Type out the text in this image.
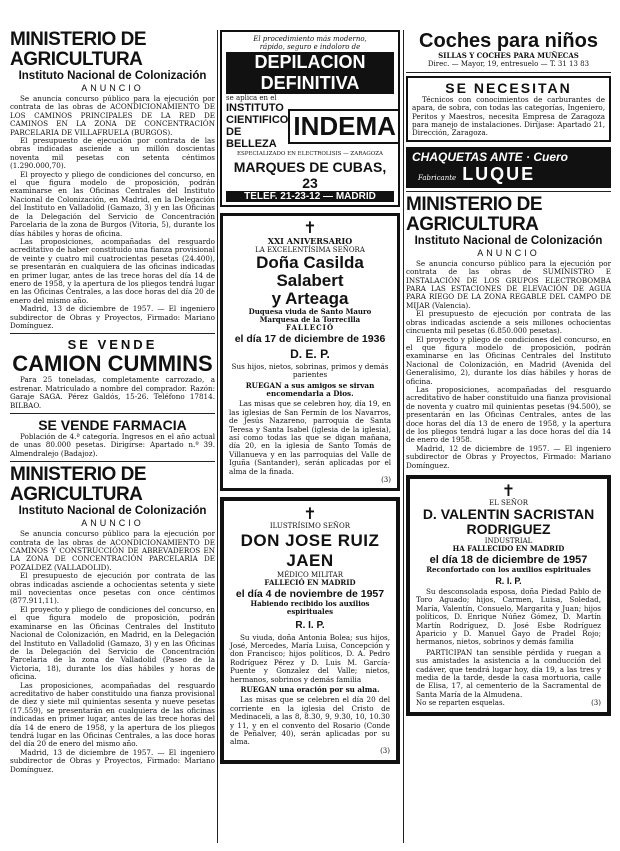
MINISTERIO DE AGRICULTURA
Instituto Nacional de Colonización
ANUNCIO

Se anuncia concurso público para la ejecución por contrata de las obras de ACONDICIONAMIENTO DE LOS CAMINOS PRINCIPALES DE LA RED DE CAMINOS EN LA ZONA DE CONCENTRACIÓN PARCELARIA DE VILLAFRUELA (BURGOS).

El presupuesto de ejecución por contrata de las obras indicadas asciende a un millón doscientas noventa mil pesetas con setenta céntimos (1.290.000,70).

El proyecto y pliego de condiciones del concurso, en el que figura modelo de proposición, podrán examinarse en las Oficinas Centrales del Instituto Nacional de Colonización, en Madrid, en la Delegación del Instituto en Valladolid (Gamazo, 3) y en las Oficinas de la Delegación del Servicio de Concentración Parcelaria de la zona de Burgos (Vitoria, 5), durante los días hábiles y horas de oficina.

Las proposiciones, acompañadas del resguardo acreditativo de haber constituido una fianza provisional de veinte y cuatro mil cuatrocientas pesetas (24.400), se presentarán en cualquiera de las oficinas indicadas en primer lugar, antes de las trece horas del día 14 de enero de 1958, y la apertura de los pliegos tendrá lugar en las Oficinas Centrales, a las doce horas del día 20 de enero del mismo año.

Madrid, 13 de diciembre de 1957. — El ingeniero subdirector de Obras y Proyectos, Firmado: Mariano Domínguez.

SE VENDE
CAMION CUMMINS

Para 25 toneladas, completamente carrozado, a estrenar. Matriculado a nombre del comprador. Razón: Garaje SAGA. Pérez Galdós, 15-26. Teléfono 17814. BILBAO.

SE VENDE FARMACIA

Población de 4.ª categoría. Ingresos en el año actual de unas 80.000 pesetas. Dirigirse: Apartado n.º 39. Almendralejo (Badajoz).

MINISTERIO DE AGRICULTURA
Instituto Nacional de Colonización
ANUNCIO

Se anuncia concurso público para la ejecución por contrata de las obras de ACONDICIONAMIENTO DE CAMINOS Y CONSTRUCCIÓN DE ABREVADEROS EN LA ZONA DE CONCENTRACIÓN PARCELARIA DE POZALDEZ (VALLADOLID).

El presupuesto de ejecución por contrata de las obras indicadas asciende a ochocientas setenta y siete mil novecientas once pesetas con once céntimos (877.911,11).

El proyecto y pliego de condiciones del concurso, en el que figura modelo de proposición, podrán examinarse en las Oficinas Centrales del Instituto Nacional de Colonización, en Madrid, en la Delegación del Instituto en Valladolid (Gamazo, 3) y en las Oficinas de la Delegación del Servicio de Concentración Parcelaria de la zona de Valladolid (Paseo de la Victoria, 18), durante los días hábiles y horas de oficina.

Las proposiciones, acompañadas del resguardo acreditativo de haber constituido una fianza provisional de diez y siete mil quinientas sesenta y nueve pesetas (17.559), se presentarán en cualquiera de las oficinas indicadas en primer lugar, antes de las trece horas del día 14 de enero de 1958, y la apertura de los pliegos tendrá lugar en las Oficinas Centrales, a las doce horas del día 20 de enero del mismo año.

Madrid, 13 de diciembre de 1957. — El ingeniero subdirector de Obras y Proyectos, Firmado: Mariano Domínguez.

El procedimiento más moderno,
rápido, seguro e indoloro de
DEPILACION DEFINITIVA
se aplica en el
INSTITUTO
CIENTIFICO
DE BELLEZA
INDEMA
ESPECIALIZADO EN ELECTROLISIS — ZARAGOZA
MARQUES DE CUBAS, 23
TELEF. 21-23-12 — MADRID
✝
XXI ANIVERSARIO
LA EXCELENTÍSIMA SEÑORA
Doña Casilda Salabert
y Arteaga
Duquesa viuda de Santo Mauro
Marquesa de la Torrecilla
FALLECIÓ
el día 17 de diciembre de 1936
D. E. P.

Sus hijos, nietos, sobrinas, primos y demás parientes

RUEGAN a sus amigos se sirvan encomendarla a Dios.

Las misas que se celebren hoy, día 19, en las iglesias de San Fermín de los Navarros, de Jesús Nazareno, parroquia de Santa Teresa y Santa Isabel (iglesia de la iglesia), así como todas las que se digan mañana, día 20, en la iglesia de Santo Tomás de Villanueva y en las parroquias del Valle de Iguña (Santander), serán aplicadas por el alma de la finada.

(3)
✝
ILUSTRÍSIMO SEÑOR
DON JOSE RUIZ JAEN
MÉDICO MILITAR
FALLECIÓ EN MADRID
el día 4 de noviembre de 1957
Habiendo recibido los auxilios espirituales
R. I. P.

Su viuda, doña Antonia Bolea; sus hijos, José, Mercedes, María Luisa, Concepción y don Francisco; hijos políticos, D. A. Pedro Rodríguez Pérez y D. Luis M. García-Puente y Gonzalez del Valle; nietos, hermanos, sobrinos y demás familia

RUEGAN una oración por su alma.

Las misas que se celebren el día 20 del corriente en la iglesia del Cristo de Medinaceli, a las 8, 8.30, 9, 9.30, 10, 10.30 y 11, y en el convento del Rosario (Conde de Peñalver, 40), serán aplicadas por su alma.

(3)
Coches para niños
SILLAS Y COCHES PARA MUÑECAS
Direc. — Mayor, 19, entresuelo — T. 31 13 83
SE NECESITAN

Técnicos con conocimientos de carburantes de apara, de sobra, con todas las categorías, Ingeniero, Peritos y Maestros, necesita Empresa de Zaragoza para manejo de instalaciones. Diríjase: Apartado 21, Dirección, Zaragoza.

CHAQUETAS ANTE · Cuero
Fabricante LUQUE
MINISTERIO DE AGRICULTURA
Instituto Nacional de Colonización
ANUNCIO

Se anuncia concurso público para la ejecución por contrata de las obras de SUMINISTRO E INSTALACIÓN DE LOS GRUPOS ELECTROBOMBA PARA LAS ESTACIONES DE ELEVACIÓN DE AGUA PARA RIEGO DE LA ZONA REGABLE DEL CAMPO DE MIJAR (Valencia).

El presupuesto de ejecución por contrata de las obras indicadas asciende a seis millones ochocientas cincuenta mil pesetas (6.850.000 pesetas).

El proyecto y pliego de condiciones del concurso, en el que figura modelo de proposición, podrán examinarse en las Oficinas Centrales del Instituto Nacional de Colonización, en Madrid (Avenida del Generalísimo, 2), durante los días hábiles y horas de oficina.

Las proposiciones, acompañadas del resguardo acreditativo de haber constituido una fianza provisional de noventa y cuatro mil quinientas pesetas (94.500), se presentarán en las Oficinas Centrales, antes de las doce horas del día 13 de enero de 1958, y la apertura de los pliegos tendrá lugar a las doce horas del día 14 de enero de 1958.

Madrid, 12 de diciembre de 1957. — El ingeniero subdirector de Obras y Proyectos, Firmado: Mariano Domínguez.

✝
EL SEÑOR
D. VALENTIN SACRISTAN
RODRIGUEZ
INDUSTRIAL
HA FALLECIDO EN MADRID
el día 18 de diciembre de 1957
Reconfortado con los auxilios espirituales
R. I. P.

Su desconsolada esposa, doña Piedad Pablo de Toro Aguado; hijos, Carmen, Luisa, Soledad, María, Valentín, Consuelo, Margarita y Juan; hijos políticos, D. Enrique Núñez Gómez, D. Martín Martín Rodríguez, D. José Esbe Rodríguez Aparicio y D. Manuel Gayo de Pradel Rojo; hermanos, nietos, sobrinos y demás familia

PARTICIPAN tan sensible pérdida y ruegan a sus amistades la asistencia a la conducción del cadáver, que tendrá lugar hoy, día 19, a las tres y media de la tarde, desde la casa mortuoria, calle de Elisa, 17, al cementerio de la Sacramental de Santa María de la Almudena.

No se reparten esquelas.	(3)
